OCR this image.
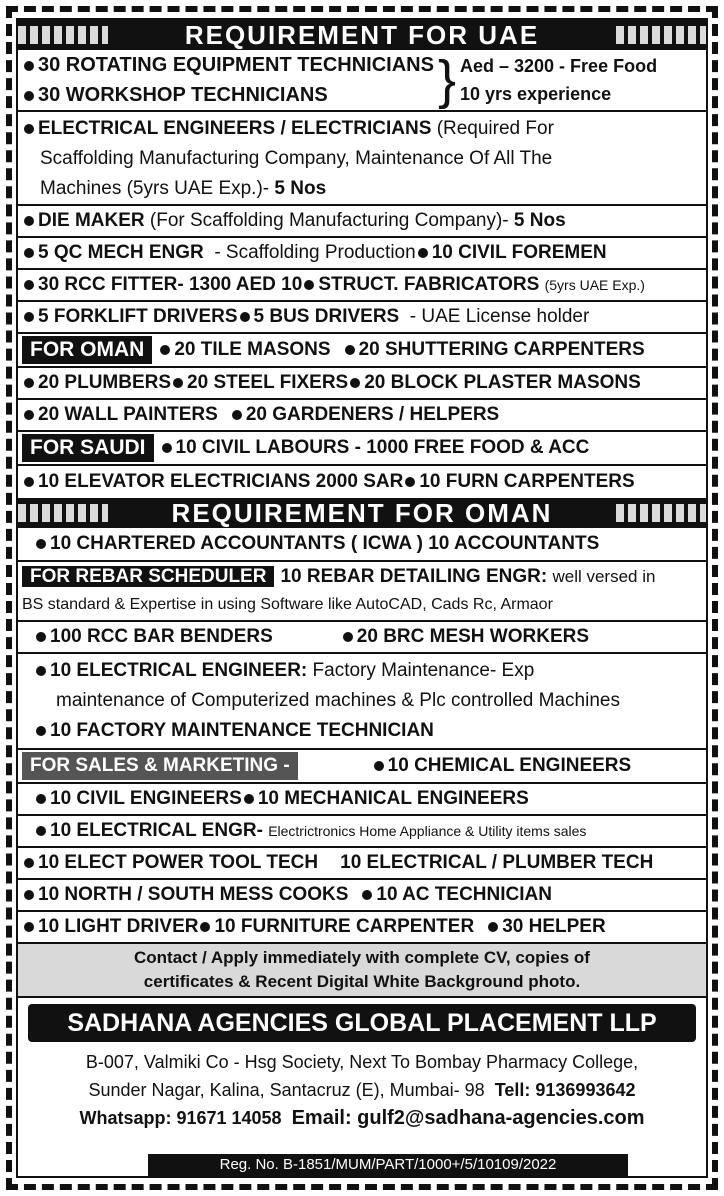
REQUIREMENT FOR UAE
30 ROTATING EQUIPMENT TECHNICIANS
30 WORKSHOP TECHNICIANS	} Aed – 3200 - Free Food
10 yrs experience
ELECTRICAL ENGINEERS / ELECTRICIANS (Required For
Scaffolding Manufacturing Company, Maintenance Of All The
Machines (5yrs UAE Exp.)- 5 Nos
DIE MAKER
(For Scaffolding Manufacturing Company)-
5 Nos
5 QC MECH ENGR
- Scaffolding Production 10 CIVIL FOREMEN
30 RCC FITTER- 1300 AED 10 STRUCT. FABRICATORS
(5yrs UAE Exp.)
5 FORKLIFT DRIVERS 5 BUS DRIVERS
- UAE License holder
FOR OMAN	20 TILE MASONS 20 SHUTTERING CARPENTERS
20 PLUMBERS 20 STEEL FIXERS 20 BLOCK PLASTER MASONS
20 WALL PAINTERS 20 GARDENERS / HELPERS
FOR SAUDI	10 CIVIL LABOURS - 1000 FREE FOOD & ACC
10 ELEVATOR ELECTRICIANS 2000 SAR 10 FURN CARPENTERS
REQUIREMENT FOR OMAN
10 CHARTERED ACCOUNTANTS ( ICWA ) 10 ACCOUNTANTS
FOR REBAR SCHEDULER 10 REBAR DETAILING ENGR: well versed in
BS standard & Expertise in using Software like AutoCAD, Cads Rc, Armaor
100 RCC BAR BENDERS	20 BRC MESH WORKERS
10 ELECTRICAL ENGINEER: Factory Maintenance- Exp
maintenance of Computerized machines & Plc controlled Machines
10 FACTORY MAINTENANCE TECHNICIAN
FOR SALES & MARKETING -	10 CHEMICAL ENGINEERS
10 CIVIL ENGINEERS 10 MECHANICAL ENGINEERS
10 ELECTRICAL ENGR-
Electrictronics Home Appliance & Utility items sales
10 ELECT POWER TOOL TECH 10 ELECTRICAL / PLUMBER TECH
10 NORTH / SOUTH MESS COOKS 10 AC TECHNICIAN
10 LIGHT DRIVER 10 FURNITURE CARPENTER 30 HELPER
Contact / Apply immediately with complete CV, copies of
certificates & Recent Digital White Background photo.
SADHANA AGENCIES GLOBAL PLACEMENT LLP
B-007, Valmiki Co - Hsg Society, Next To Bombay Pharmacy College,
Sunder Nagar, Kalina, Santacruz (E), Mumbai- 98 Tell: 9136993642
Whatsapp: 91671 14058 Email: gulf2@sadhana-agencies.com
Reg. No. B-1851/MUM/PART/1000+/5/10109/2022
